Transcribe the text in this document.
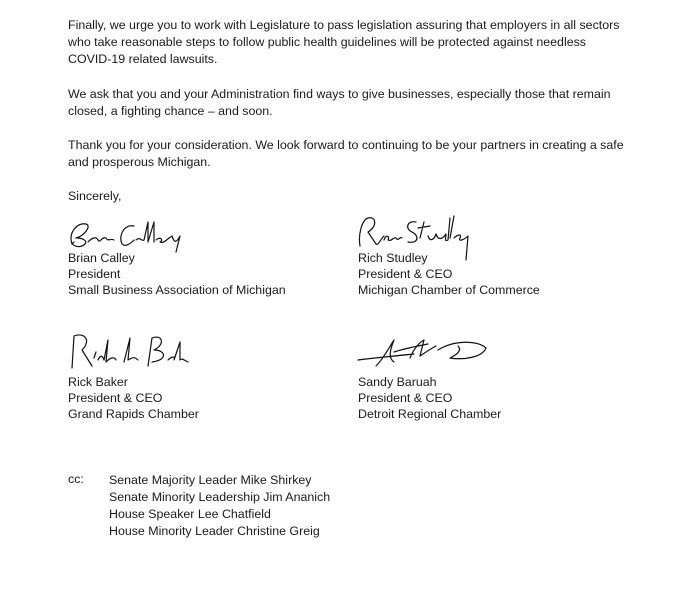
Finally, we urge you to work with Legislature to pass legislation assuring that employers in all sectors who take reasonable steps to follow public health guidelines will be protected against needless COVID-19 related lawsuits.
We ask that you and your Administration find ways to give businesses, especially those that remain closed, a fighting chance – and soon.
Thank you for your consideration. We look forward to continuing to be your partners in creating a safe and prosperous Michigan.
Sincerely,
Brian Calley
President
Small Business Association of Michigan
Rich Studley
President & CEO
Michigan Chamber of Commerce
Rick Baker
President & CEO
Grand Rapids Chamber
Sandy Baruah
President & CEO
Detroit Regional Chamber
cc: Senate Majority Leader Mike Shirkey
Senate Minority Leadership Jim Ananich
House Speaker Lee Chatfield
House Minority Leader Christine Greig
